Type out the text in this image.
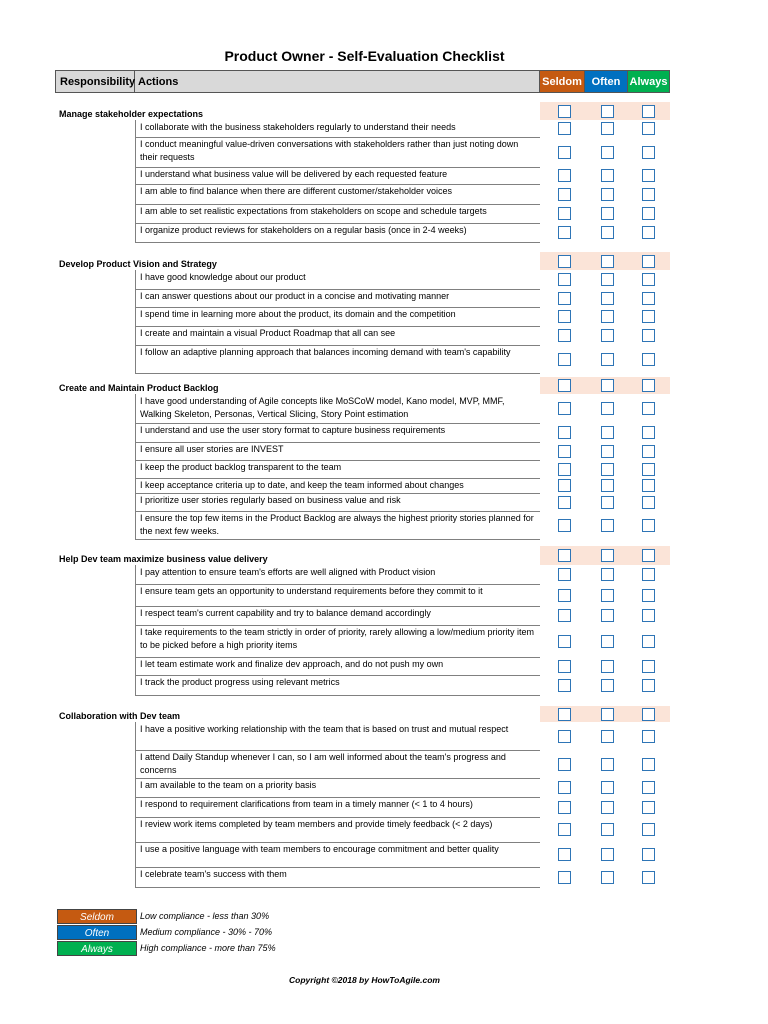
Product Owner - Self-Evaluation Checklist
Responsibility Actions	Seldom Often Always
Manage stakeholder expectations
I collaborate with the business stakeholders regularly to understand their needs
I conduct meaningful value-driven conversations with stakeholders rather than just noting down their requests
I understand what business value will be delivered by each requested feature
I am able to find balance when there are different customer/stakeholder voices
I am able to set realistic expectations from stakeholders on scope and schedule targets
I organize product reviews for stakeholders on a regular basis (once in 2-4 weeks)
Develop Product Vision and Strategy
I have good knowledge about our product
I can answer questions about our product in a concise and motivating manner
I spend time in learning more about the product, its domain and the competition
I create and maintain a visual Product Roadmap that all can see
I follow an adaptive planning approach that balances incoming demand with team's capability
Create and Maintain Product Backlog
I have good understanding of Agile concepts like MoSCoW model, Kano model, MVP, MMF, Walking Skeleton, Personas, Vertical Slicing, Story Point estimation
I understand and use the user story format to capture business requirements
I ensure all user stories are INVEST
I keep the product backlog transparent to the team
I keep acceptance criteria up to date, and keep the team informed about changes
I prioritize user stories regularly based on business value and risk
I ensure the top few items in the Product Backlog are always the highest priority stories planned for the next few weeks.
Help Dev team maximize business value delivery
I pay attention to ensure team's efforts are well aligned with Product vision
I ensure team gets an opportunity to understand requirements before they commit to it
I respect team's current capability and try to balance demand accordingly
I take requirements to the team strictly in order of priority, rarely allowing a low/medium priority item to be picked before a high priority items
I let team estimate work and finalize dev approach, and do not push my own
I track the product progress using relevant metrics
Collaboration with Dev team
I have a positive working relationship with the team that is based on trust and mutual respect
I attend Daily Standup whenever I can, so I am well informed about the team's progress and concerns
I am available to the team on a priority basis
I respond to requirement clarifications from team in a timely manner (< 1 to 4 hours)
I review work items completed by team members and provide timely feedback (< 2 days)
I use a positive language with team members to encourage commitment and better quality
I celebrate team's success with them
Seldom	Low compliance - less than 30%
Often	Medium compliance - 30% - 70%
Always	High compliance - more than 75%
Copyright ©2018 by HowToAgile.com
